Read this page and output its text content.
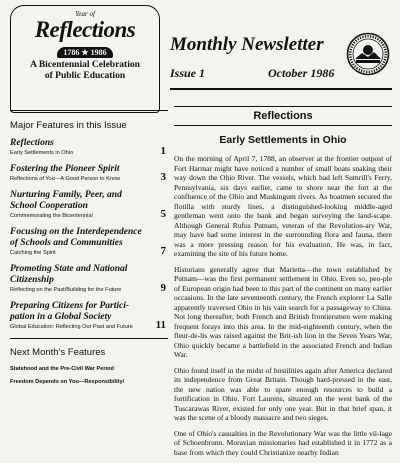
Year of
Reflections
1786 ★ 1986
A Bicentennial Celebration
of Public Education
Monthly Newsletter
Issue 1	October 1986
Major Features in this Issue
Reflections
Early Settlements in Ohio	1
Fostering the Pioneer Spirit
Reflections of You—A Good Person to Know	3
Nurturing Family, Peer, and School Cooperation
Commemorating the Bicentennial	5
Focusing on the Interdependence of Schools and Communities
Catching the Spirit	7
Promoting State and National Citizenship
Reflecting on the Past/Building for the Future	9
Preparing Citizens for Partici-pation in a Global Society
Global Education: Reflecting Our Past and Future	11
Next Month's Features
Statehood and the Pre-Civil War Period
Freedom Depends on You—Responsibility/
Reflections
Early Settlements in Ohio

On the morning of April 7, 1788, an observer at the frontier outpost of Fort Harmar might have noticed a number of small boats snaking their way down the Ohio River. The vessels, which had left Sumrill's Ferry, Pennsylvania, six days earlier, came to shore near the fort at the confluence of the Ohio and Muskingum rivers. As boatmen secured the flotilla with sturdy lines, a distinguished-looking middle-aged gentleman went onto the bank and began surveying the land-scape. Although General Rufus Putnam, veteran of the Revolution-ary War, may have had some interest in the surrounding flora and fauna, there was a more pressing reason for his evaluation. He was, in fact, examining the site of his future home.

Historians generally agree that Marietta—the town established by Putnam—was the first permanent settlement in Ohio. Even so, peo-ple of European origin had been to this part of the continent on many earlier occasions. In the late seventeenth century, the French explorer La Salle apparently traversed Ohio in his vain search for a passageway to China. Not long thereafter, both French and British frontiersmen were making frequent forays into this area. In the mid-eighteenth century, when the fleur-de-lis was raised against the Brit-ish lion in the Seven Years War, Ohio quickly became a battlefield in the associated French and Indian War.

Ohio found itself in the midst of hostilities again after America declared its independence from Great Britain. Though hard-pressed in the east, the new nation was able to spare enough resources to build a fortification in Ohio. Fort Laurens, situated on the west bank of the Tuscarawas River, existed for only one year. But in that brief span, it was the scene of a bloody massacre and two sieges.

One of Ohio's casualties in the Revolutionary War was the little vil-lage of Schoenbrunn. Moravian missionaries had established it in 1772 as a base from which they could Christianize nearby Indian
